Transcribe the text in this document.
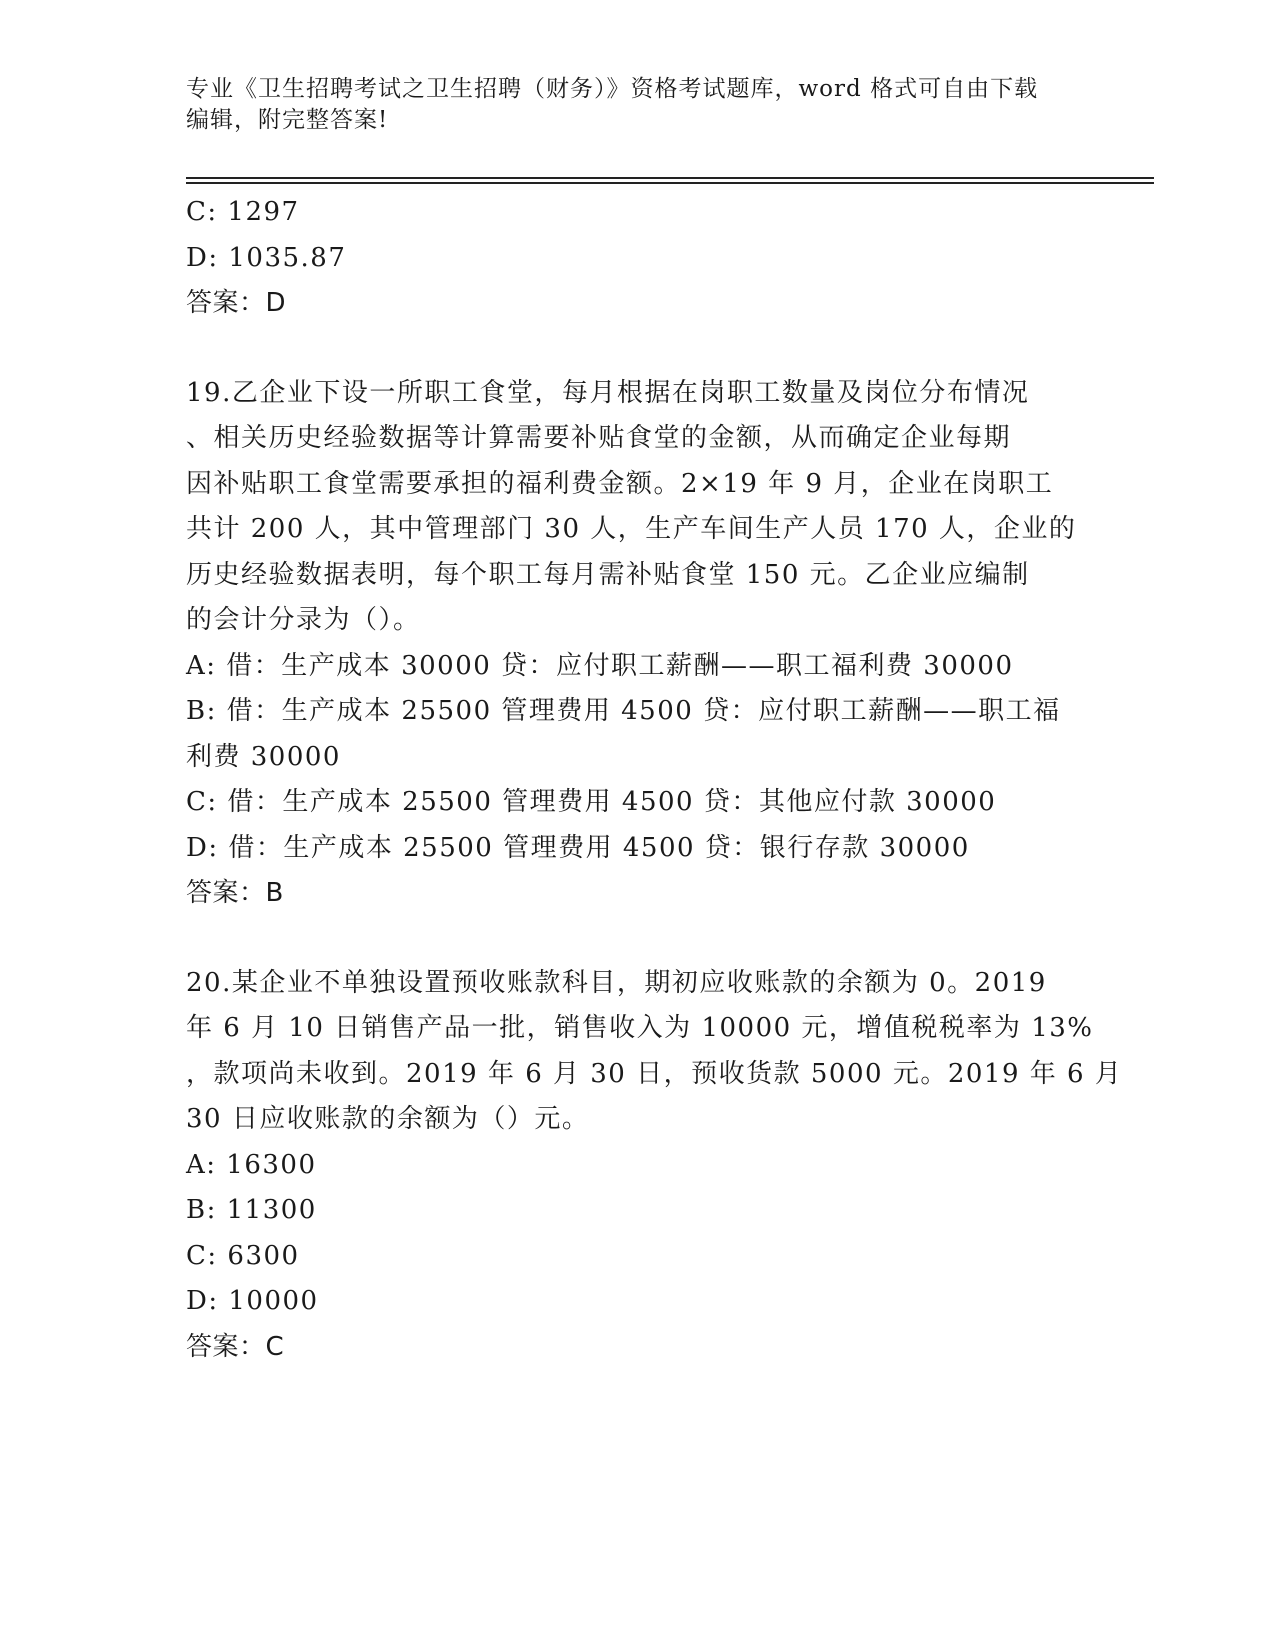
专业《卫生招聘考试之卫生招聘（财务）》资格考试题库，word 格式可自由下载
编辑，附完整答案!
C: 1297
D: 1035.87
答案：D
19.乙企业下设一所职工食堂，每月根据在岗职工数量及岗位分布情况
、相关历史经验数据等计算需要补贴食堂的金额，从而确定企业每期
因补贴职工食堂需要承担的福利费金额。2×19 年 9 月，企业在岗职工
共计 200 人，其中管理部门 30 人，生产车间生产人员 170 人，企业的
历史经验数据表明，每个职工每月需补贴食堂 150 元。乙企业应编制
的会计分录为（）。
A: 借：生产成本 30000 贷：应付职工薪酬——职工福利费 30000
B: 借：生产成本 25500 管理费用 4500 贷：应付职工薪酬——职工福
利费 30000
C: 借：生产成本 25500 管理费用 4500 贷：其他应付款 30000
D: 借：生产成本 25500 管理费用 4500 贷：银行存款 30000
答案：B
20.某企业不单独设置预收账款科目，期初应收账款的余额为 0。2019
年 6 月 10 日销售产品一批，销售收入为 10000 元，增值税税率为 13%
，款项尚未收到。2019 年 6 月 30 日，预收货款 5000 元。2019 年 6 月
30 日应收账款的余额为（）元。
A: 16300
B: 11300
C: 6300
D: 10000
答案：C
